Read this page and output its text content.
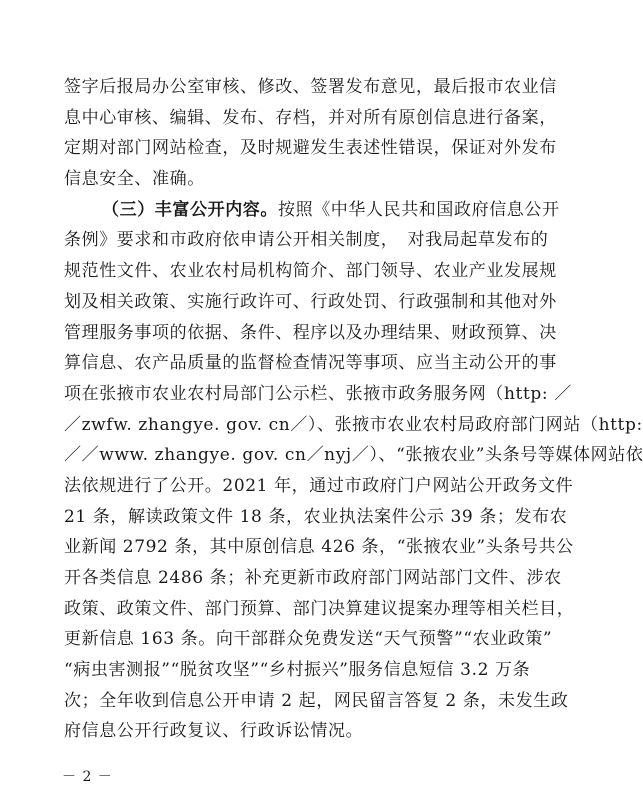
签字后报局办公室审核、修改、签署发布意见，最后报市农业信
息中心审核、编辑、发布、存档，并对所有原创信息进行备案，
定期对部门网站检查，及时规避发生表述性错误，保证对外发布
信息安全、准确。
（三）丰富公开内容。按照《中华人民共和国政府信息公开
条例》要求和市政府依申请公开相关制度，　对我局起草发布的
规范性文件、农业农村局机构简介、部门领导、农业产业发展规
划及相关政策、实施行政许可、行政处罚、行政强制和其他对外
管理服务事项的依据、条件、程序以及办理结果、财政预算、决
算信息、农产品质量的监督检查情况等事项、应当主动公开的事
项在张掖市农业农村局部门公示栏、张掖市政务服务网（http: ／
／zwfw. zhangye. gov. cn／）、张掖市农业农村局政府部门网站（http:
／／www. zhangye. gov. cn／nyj／）、“张掖农业”头条号等媒体网站依
法依规进行了公开。2021 年，通过市政府门户网站公开政务文件
21 条，解读政策文件 18 条，农业执法案件公示 39 条；发布农
业新闻 2792 条，其中原创信息 426 条，“张掖农业”头条号共公
开各类信息 2486 条；补充更新市政府部门网站部门文件、涉农
政策、政策文件、部门预算、部门决算建议提案办理等相关栏目，
更新信息 163 条。向干部群众免费发送“天气预警”“农业政策”
“病虫害测报”“脱贫攻坚”“乡村振兴”服务信息短信 3.2 万条
次；全年收到信息公开申请 2 起，网民留言答复 2 条，未发生政
府信息公开行政复议、行政诉讼情况。
－ 2 －
